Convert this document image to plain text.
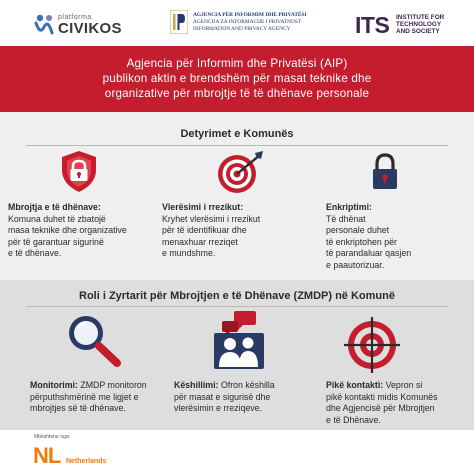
platforma
CIVIKOS
AGJENCIA PËR INFORMIM DHE PRIVATËSI
AGENCIJA ZA INFORMACIJE I PRIVATNOST
INFORMATION AND PRIVACY AGENCY	ITS INSTITUTE FOR
TECHNOLOGY
AND SOCIETY
Agjencia për Informim dhe Privatësi (AIP)
publikon aktin e brendshëm për masat teknike dhe
organizative për mbrojtje të të dhënave personale
Detyrimet e Komunës
Mbrojtja e të dhënave:
Komuna duhet të zbatojë
masa teknike dhe organizative
për të garantuar sigurinë
e të dhënave.
Vlerësimi i rrezikut:
Kryhet vlerësimi i rrezikut
për të identifikuar dhe
menaxhuar rreziqet
e mundshme.
Enkriptimi:
Të dhënat
personale duhet
të enkriptohen për
të parandaluar qasjen
e paautorizuar.
Roli i Zyrtarit për Mbrojtjen e të Dhënave (ZMDP) në Komunë
Monitorimi: ZMDP monitoron
përputhshmërinë me ligjet e
mbrojtjes së të dhënave.
Këshillimi: Ofron këshilla
për masat e sigurisë dhe
vlerësimin e rreziqeve.
Pikë kontakti: Vepron si
pikë kontakti midis Komunës
dhe Agjencisë për Mbrojtjen
e të Dhënave.
Mbështetur nga:
NL Netherlands
